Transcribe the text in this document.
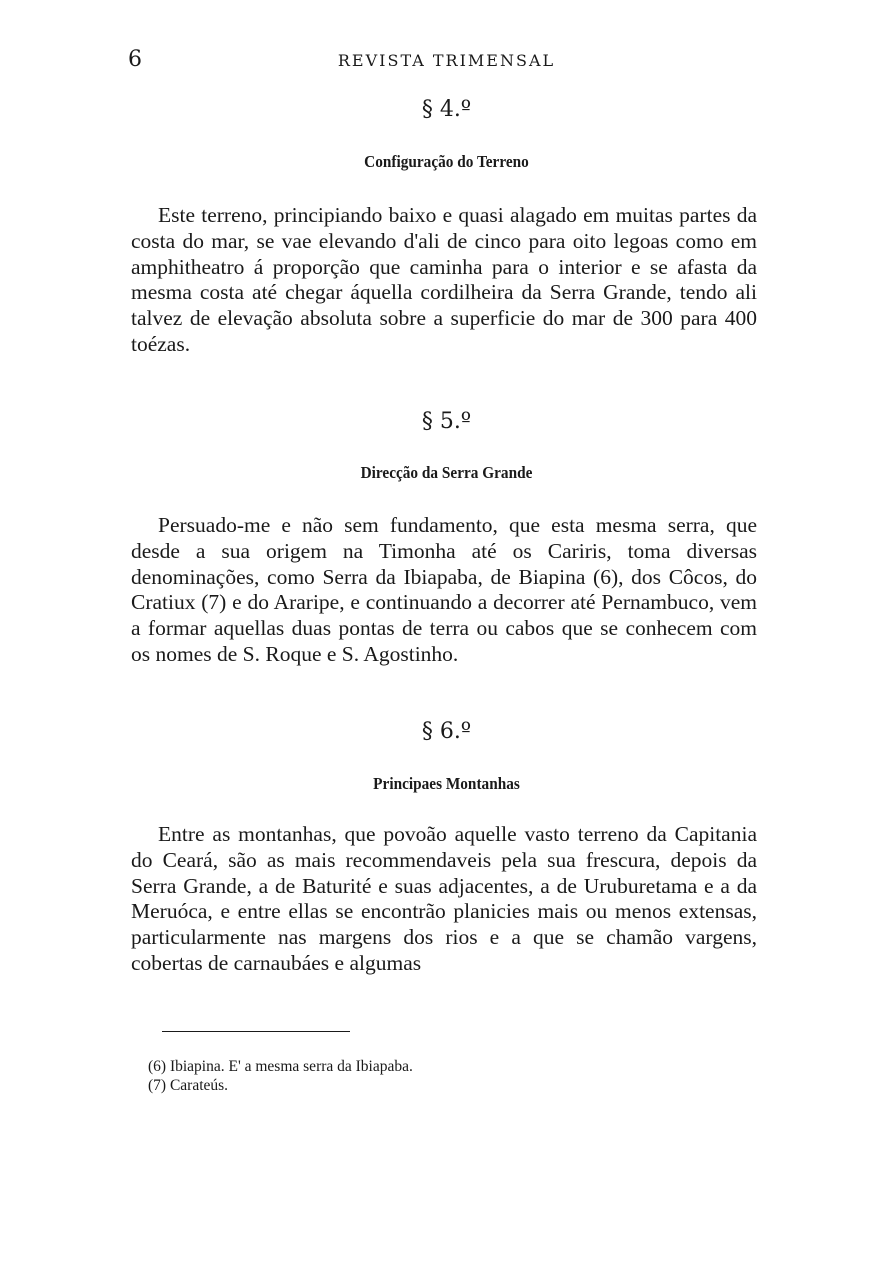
6	REVISTA TRIMENSAL
§ 4.º
Configuração do Terreno

Este terreno, principiando baixo e quasi alagado em muitas partes da costa do mar, se vae elevando d'ali de cinco para oito legoas como em amphitheatro á proporção que caminha para o interior e se afasta da mesma costa até chegar áquella cordilheira da Serra Grande, tendo ali talvez de elevação absoluta sobre a superficie do mar de 300 para 400 toézas.

§ 5.º
Direcção da Serra Grande

Persuado-me e não sem fundamento, que esta mesma serra, que desde a sua origem na Timonha até os Cariris, toma diversas denominações, como Serra da Ibiapaba, de Biapina (6), dos Côcos, do Cratiux (7) e do Araripe, e continuando a decorrer até Pernambuco, vem a formar aquellas duas pontas de terra ou cabos que se conhecem com os nomes de S. Roque e S. Agostinho.

§ 6.º
Principaes Montanhas

Entre as montanhas, que povoão aquelle vasto terreno da Capitania do Ceará, são as mais recommendaveis pela sua frescura, depois da Serra Grande, a de Baturité e suas adjacentes, a de Uruburetama e a da Meruóca, e entre ellas se encontrão planicies mais ou menos extensas, particularmente nas margens dos rios e a que se chamão vargens, cobertas de carnaubáes e algumas

(6) Ibiapina. E' a mesma serra da Ibiapaba.
(7) Carateús.
